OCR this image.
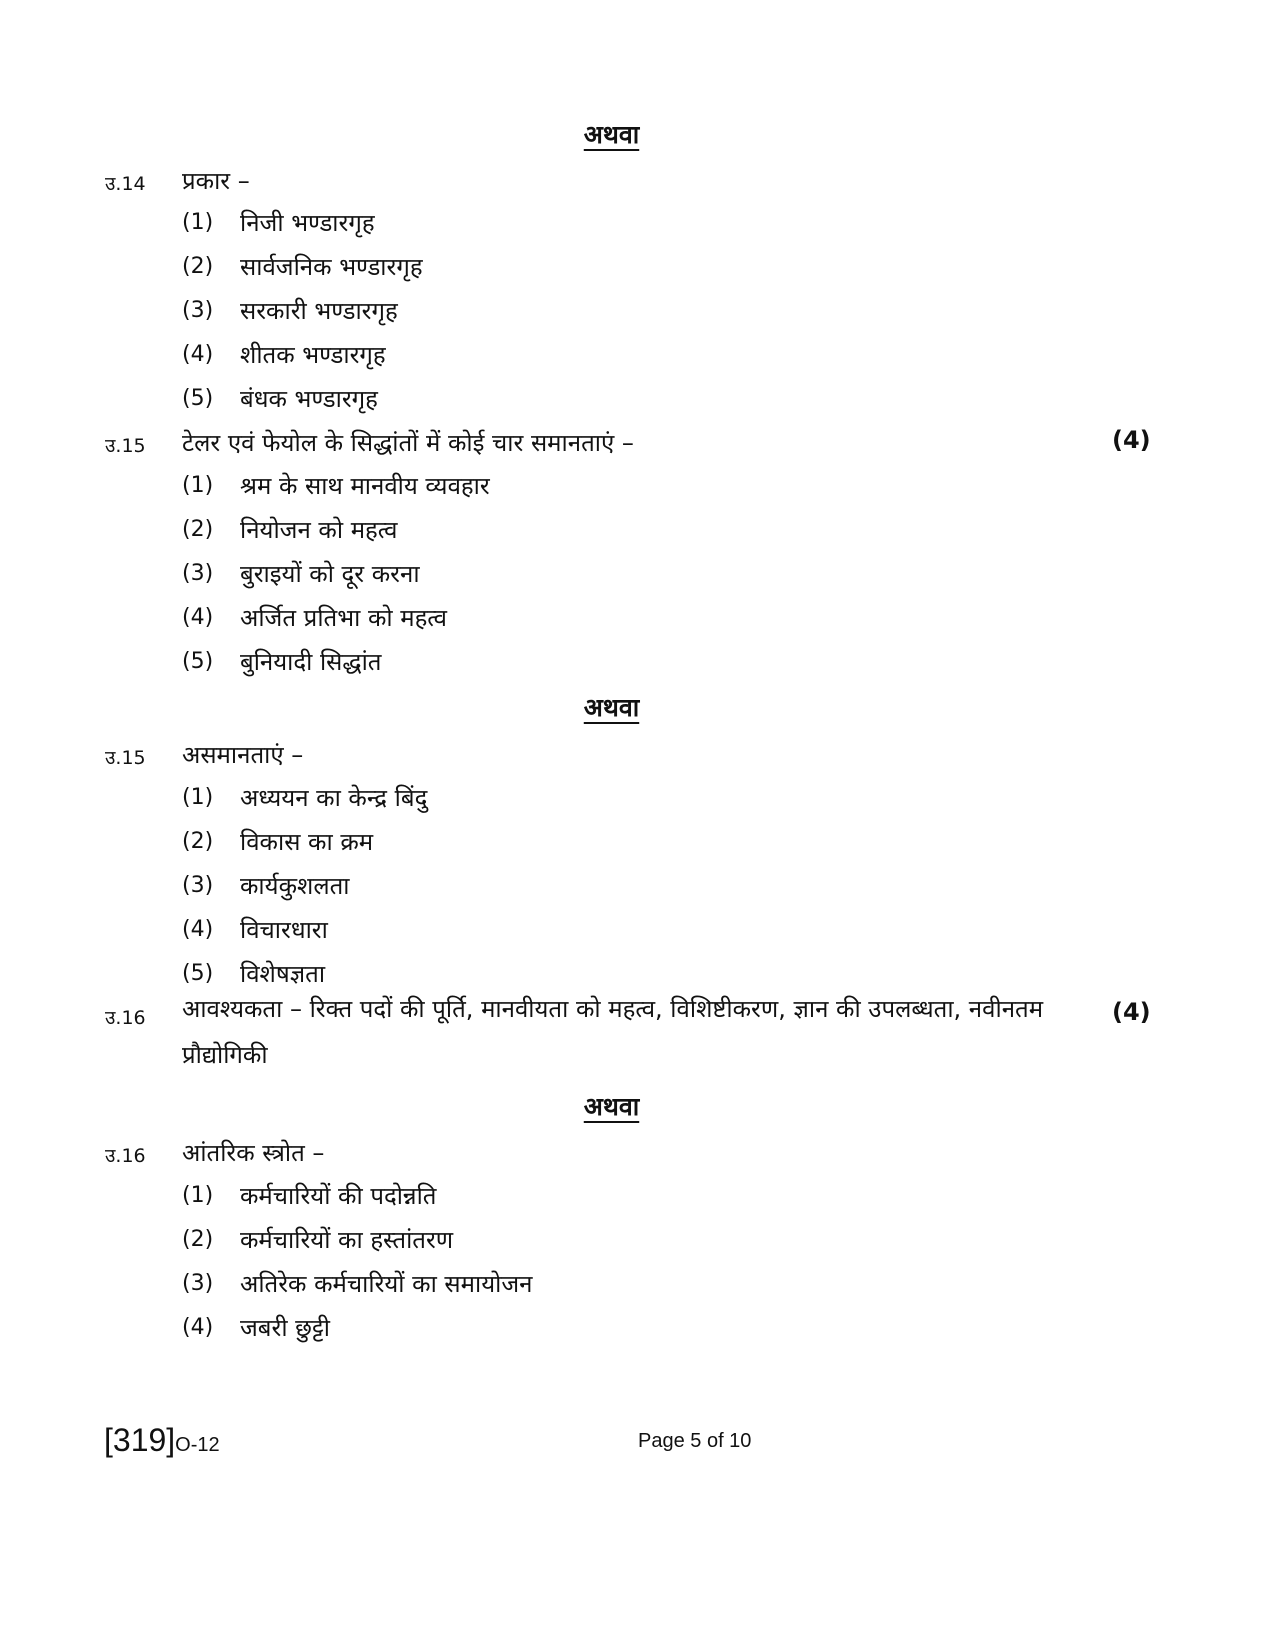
अथवा
उ.14 प्रकार –
(1) निजी भण्डारगृह
(2) सार्वजनिक भण्डारगृह
(3) सरकारी भण्डारगृह
(4) शीतक भण्डारगृह
(5) बंधक भण्डारगृह
उ.15 टेलर एवं फेयोल के सिद्धांतों में कोई चार समानताएं –	(4)
(1) श्रम के साथ मानवीय व्यवहार
(2) नियोजन को महत्व
(3) बुराइयों को दूर करना
(4) अर्जित प्रतिभा को महत्व
(5) बुनियादी सिद्धांत
अथवा
उ.15 असमानताएं –
(1) अध्ययन का केन्द्र बिंदु
(2) विकास का क्रम
(3) कार्यकुशलता
(4) विचारधारा
(5) विशेषज्ञता
उ.16 आवश्यकता – रिक्त पदों की पूर्ति, मानवीयता को महत्व, विशिष्टीकरण, ज्ञान की उपलब्धता, नवीनतम प्रौद्योगिकी
(4)
अथवा
उ.16 आंतरिक स्त्रोत –
(1) कर्मचारियों की पदोन्नति
(2) कर्मचारियों का हस्तांतरण
(3) अतिरेक कर्मचारियों का समायोजन
(4) जबरी छुट्टी
[319]O-12	Page 5 of 10
